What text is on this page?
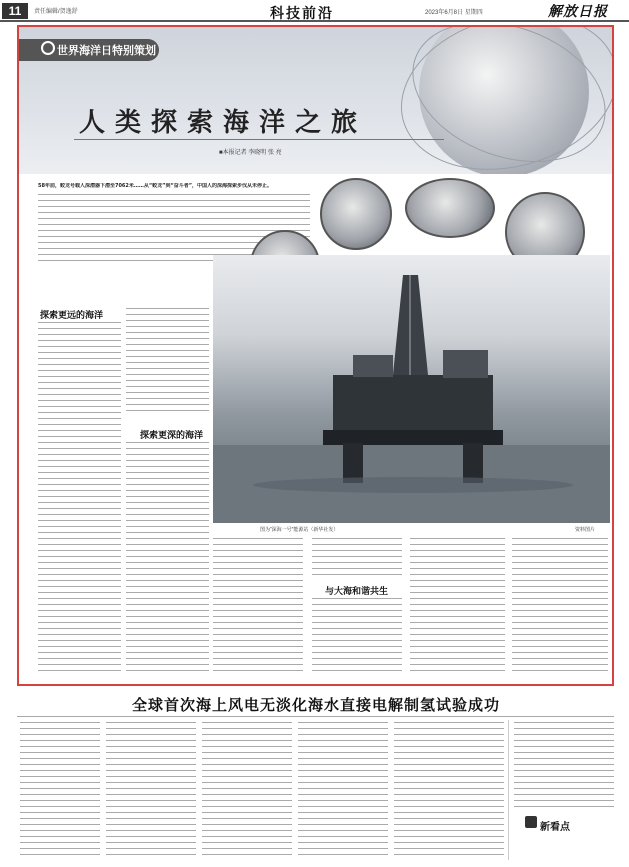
11	责任编辑/贺逸舒	科技前沿	2023年6月8日 星期四	解放日报
世界海洋日特别策划
人类探索海洋之旅
■本报记者 李晓明 张 亮
58年前，蛟龙号载人深潜器下潜至7062米……从“蛟龙”到“奋斗者”，中国人的深海探索步伐从未停止。
探索更远的海洋
探索更深的海洋
图为“深海一号”能源站（新华社发）	资料图片
与大海和谐共生
全球首次海上风电无淡化海水直接电解制氢试验成功
新看点
